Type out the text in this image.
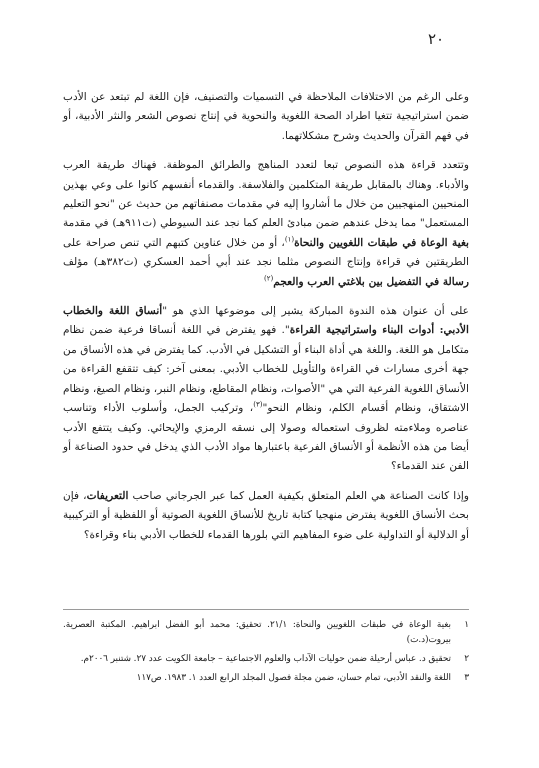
٢٠

وعلى الرغم من الاختلافات الملاحظة في التسميات والتصنيف، فإن اللغة لم تبتعد عن الأدب ضمن استراتيجية تتغيا اطراد الصحة اللغوية والنحوية في إنتاج نصوص الشعر والنثر الأدبية، أو في فهم القرآن والحديث وشرح مشكلاتهما.

وتتعدد قراءة هذه النصوص تبعا لتعدد المناهج والطرائق الموظفة. فهناك طريقة العرب والأدباء. وهناك بالمقابل طريقة المتكلمين والفلاسفة. والقدماء أنفسهم كانوا على وعي بهذين المنحيين المنهجيين من خلال ما أشاروا إليه في مقدمات مصنفاتهم من حديث عن "نحو التعليم المستعمل" مما يدخل عندهم ضمن مبادئ العلم كما نجد عند السيوطي (ت٩١١هـ) في مقدمة بغية الوعاة في طبقات اللغويين والنحاة$^{(١)}$، أو من خلال عناوين كتبهم التي تنص صراحة على الطريقتين في قراءة وإنتاج النصوص مثلما نجد عند أبي أحمد العسكري (ت٣٨٢هـ) مؤلف رسالة في التفضيل بين بلاغتي العرب والعجم$^{(٢)}$

على أن عنوان هذه الندوة المباركة يشير إلى موضوعها الذي هو "أنساق اللغة والخطاب الأدبي: أدوات البناء واستراتيجية القراءة". فهو يفترض في اللغة أنساقا فرعية ضمن نظام متكامل هو اللغة. واللغة هي أداة البناء أو التشكيل في الأدب. كما يفترض في هذه الأنساق من جهة أخرى مسارات في القراءة والتأويل للخطاب الأدبي. بمعنى آخر: كيف تتقفع القراءة من الأنساق اللغوية الفرعية التي هي "الأصوات، ونظام المقاطع، ونظام النبر، ونظام الصيغ، ونظام الاشتقاق، ونظام أقسام الكلم، ونظام النحو"$^{(٣)}$، وتركيب الجمل، وأسلوب الأداء وتناسب عناصره وملاءمته لظروف استعماله وصولا إلى نسقه الرمزي والإيحائي. وكيف يتتفع الأدب أيضا من هذه الأنظمة أو الأنساق الفرعية باعتبارها مواد الأدب الذي يدخل في حدود الصناعة أو الفن عند القدماء؟

وإذا كانت الصناعة هي العلم المتعلق بكيفية العمل كما عبر الجرجاني صاحب التعريفات، فإن بحث الأنساق اللغوية يفترض منهجيا كتابة تاريخ للأنساق اللغوية الصوتية أو اللفظية أو التركيبية أو الدلالية أو التداولية على ضوء المفاهيم التي بلورها القدماء للخطاب الأدبي بناء وقراءة؟

١
بغية الوعاة في طبقات اللغويين والنحاة: ٢١/١. تحقيق: محمد أبو الفضل ابراهيم. المكتبة العصرية. بيروت(د.ت)
٢
تحقيق د. عباس أرحيلة ضمن حوليات الآداب والعلوم الاجتماعية – جامعة الكويت عدد ٢٧. شتنبر ٢٠٠٦م.
٣
اللغة والنقد الأدبي، تمام حسان، ضمن مجلة فصول المجلد الرابع العدد ١. ١٩٨٣. ص١١٧
